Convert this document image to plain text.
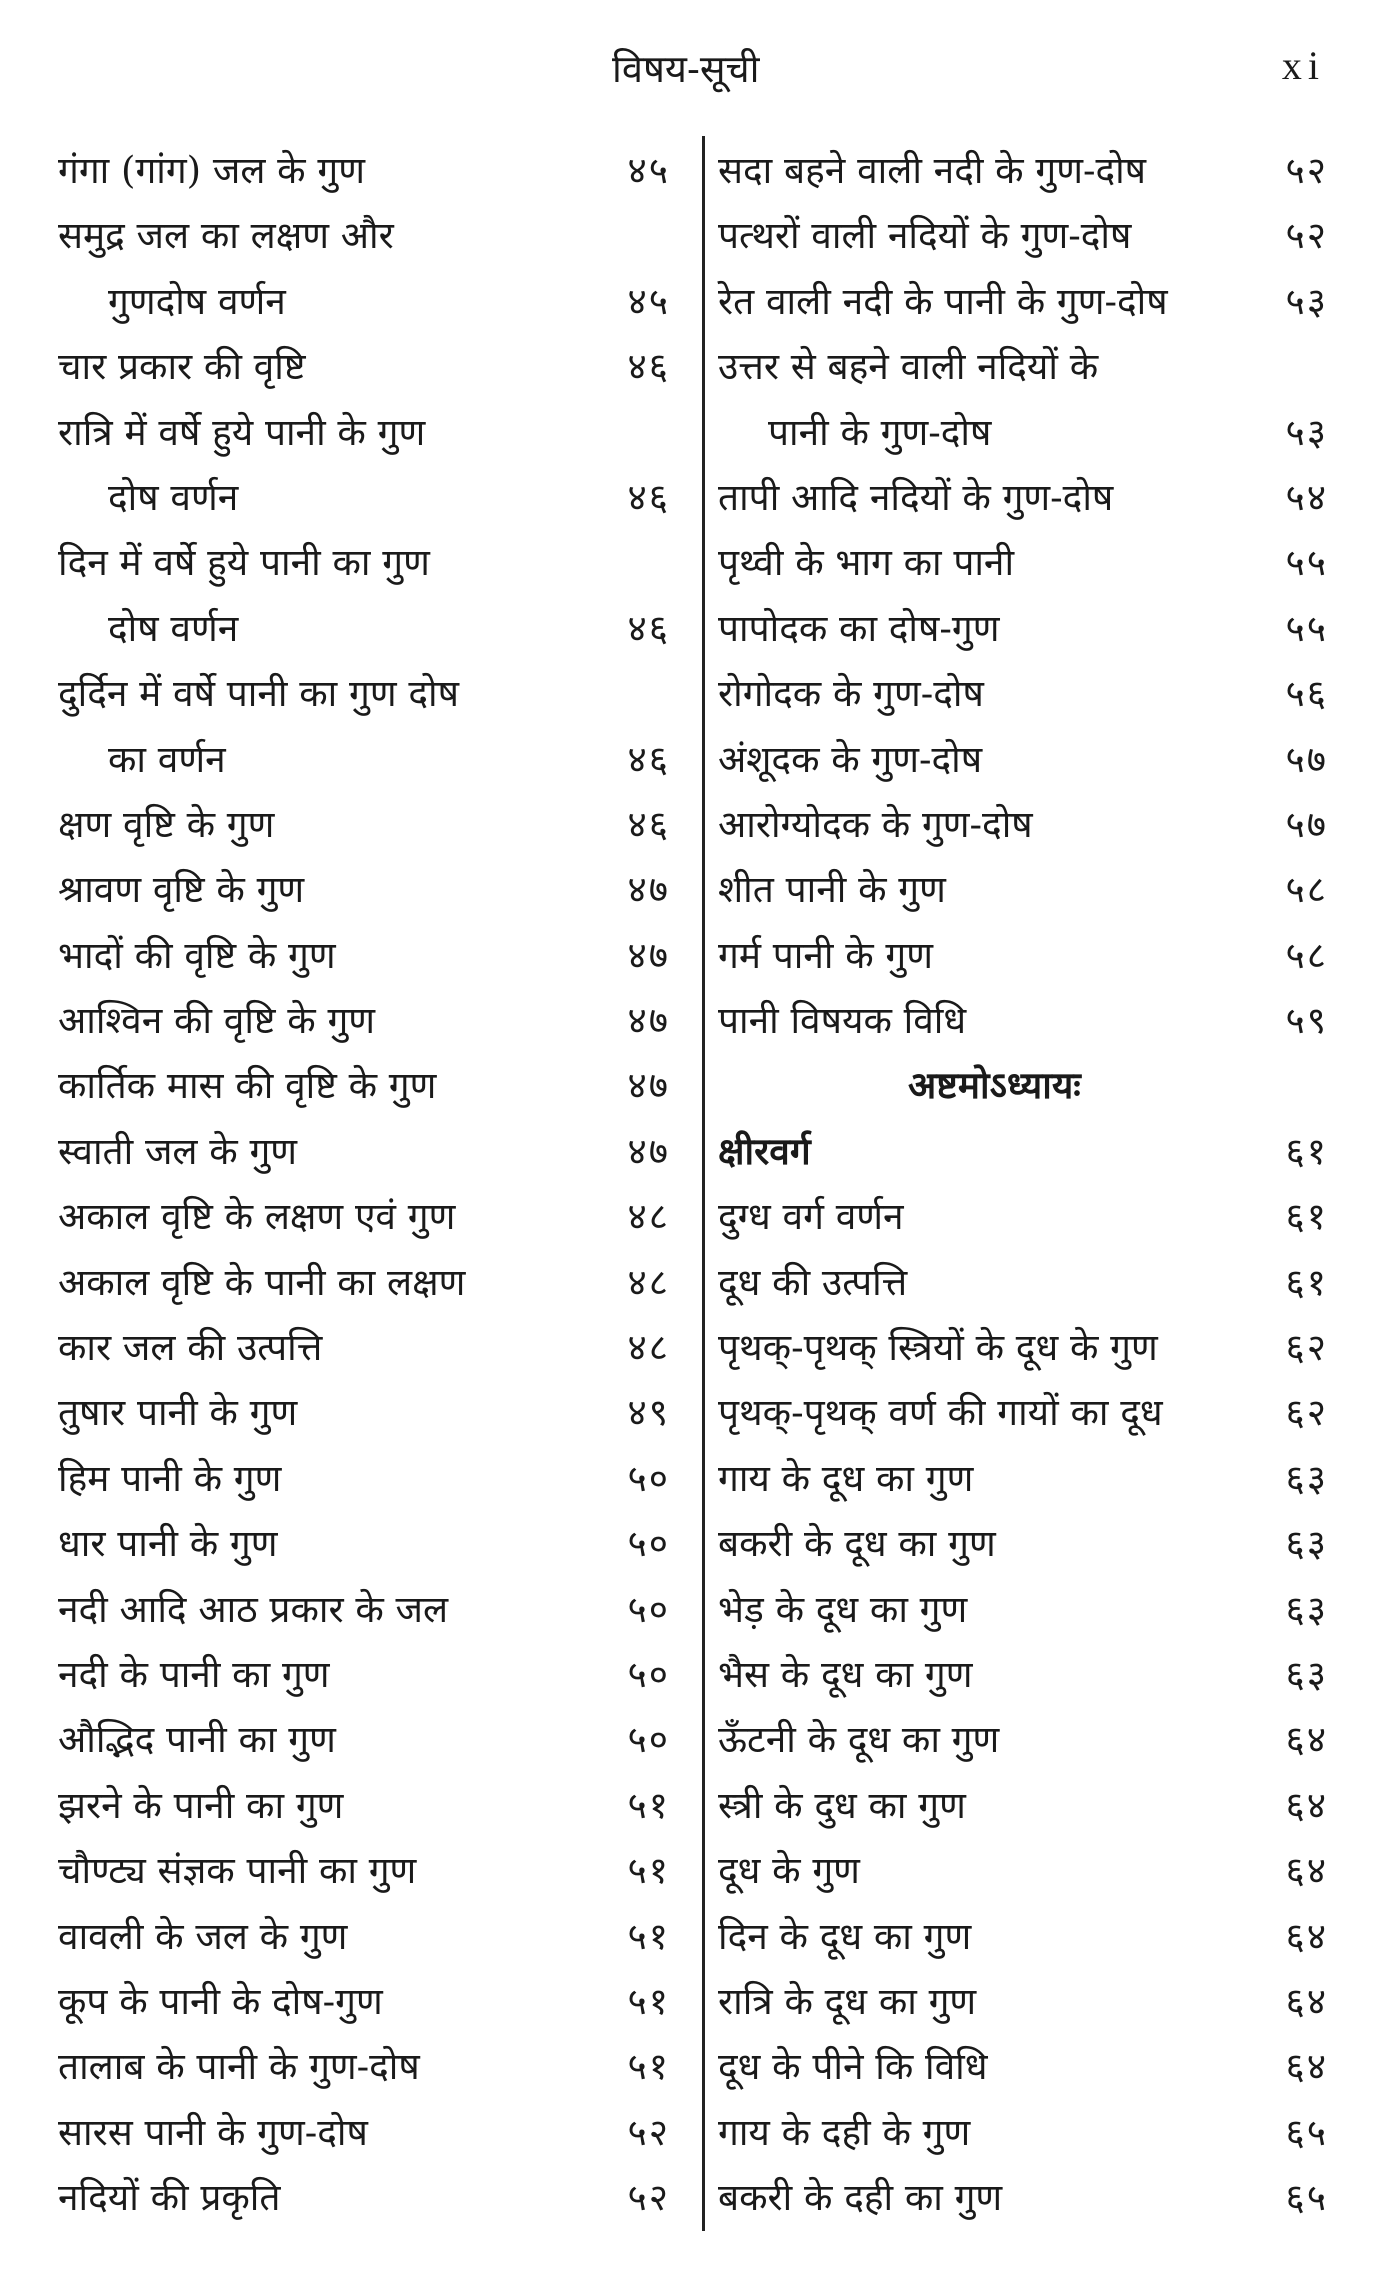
विषय-सूची	xi
गंगा (गांग) जल के गुण	४५
समुद्र जल का लक्षण और
गुणदोष वर्णन	४५
चार प्रकार की वृष्टि	४६
रात्रि में वर्षे हुये पानी के गुण
दोष वर्णन	४६
दिन में वर्षे हुये पानी का गुण
दोष वर्णन	४६
दुर्दिन में वर्षे पानी का गुण दोष
का वर्णन	४६
क्षण वृष्टि के गुण	४६
श्रावण वृष्टि के गुण	४७
भादों की वृष्टि के गुण	४७
आश्विन की वृष्टि के गुण	४७
कार्तिक मास की वृष्टि के गुण	४७
स्वाती जल के गुण	४७
अकाल वृष्टि के लक्षण एवं गुण	४८
अकाल वृष्टि के पानी का लक्षण	४८
कार जल की उत्पत्ति	४८
तुषार पानी के गुण	४९
हिम पानी के गुण	५०
धार पानी के गुण	५०
नदी आदि आठ प्रकार के जल	५०
नदी के पानी का गुण	५०
औद्भिद पानी का गुण	५०
झरने के पानी का गुण	५१
चौण्ट्य संज्ञक पानी का गुण	५१
वावली के जल के गुण	५१
कूप के पानी के दोष-गुण	५१
तालाब के पानी के गुण-दोष	५१
सारस पानी के गुण-दोष	५२
नदियों की प्रकृति	५२
सदा बहने वाली नदी के गुण-दोष	५२
पत्थरों वाली नदियों के गुण-दोष	५२
रेत वाली नदी के पानी के गुण-दोष	५३
उत्तर से बहने वाली नदियों के
पानी के गुण-दोष	५३
तापी आदि नदियों के गुण-दोष	५४
पृथ्वी के भाग का पानी	५५
पापोदक का दोष-गुण	५५
रोगोदक के गुण-दोष	५६
अंशूदक के गुण-दोष	५७
आरोग्योदक के गुण-दोष	५७
शीत पानी के गुण	५८
गर्म पानी के गुण	५८
पानी विषयक विधि	५९
अष्टमोऽध्यायः
क्षीरवर्ग	६१
दुग्ध वर्ग वर्णन	६१
दूध की उत्पत्ति	६१
पृथक्-पृथक् स्त्रियों के दूध के गुण	६२
पृथक्-पृथक् वर्ण की गायों का दूध	६२
गाय के दूध का गुण	६३
बकरी के दूध का गुण	६३
भेड़ के दूध का गुण	६३
भैस के दूध का गुण	६३
ऊँटनी के दूध का गुण	६४
स्त्री के दुध का गुण	६४
दूध के गुण	६४
दिन के दूध का गुण	६४
रात्रि के दूध का गुण	६४
दूध के पीने कि विधि	६४
गाय के दही के गुण	६५
बकरी के दही का गुण	६५
